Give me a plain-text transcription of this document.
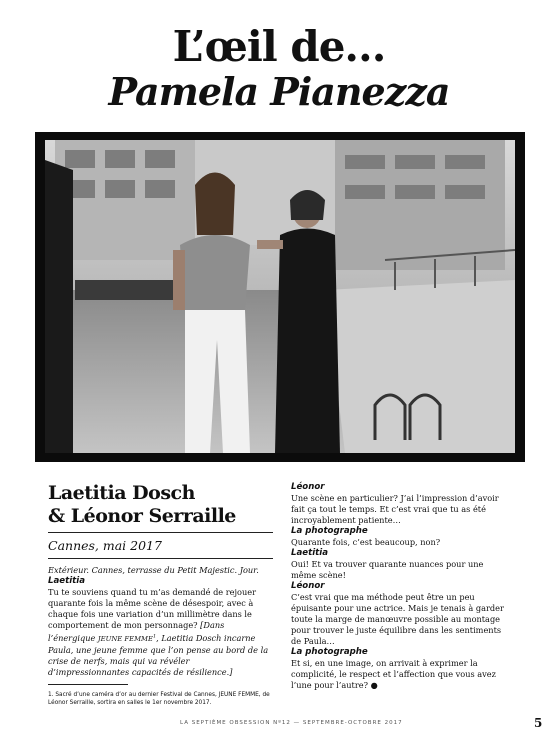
L’œil de…
Pamela Pianezza
Laetitia Dosch
& Léonor Serraille
Cannes, mai 2017
Extérieur. Cannes, terrasse du Petit Majestic. Jour.
Laetitia
Tu te souviens quand tu m’as demandé de rejouer quarante fois la même scène de désespoir, avec à chaque fois une variation d’un millimètre dans le comportement de mon personnage? [Dans l’énergique JEUNE FEMME$^1$, Laetitia Dosch incarne Paula, une jeune femme que l’on pense au bord de la crise de nerfs, mais qui va révéler d’impressionnantes capacités de résilience.]
1. Sacré d’une caméra d’or au dernier Festival de Cannes, JEUNE FEMME, de Léonor Serraille, sortira en salles le 1er novembre 2017.
Léonor
Une scène en particulier? J’ai l’impression d’avoir fait ça tout le temps. Et c’est vrai que tu as été incroyablement patiente…
La photographe
Quarante fois, c’est beaucoup, non?
Laetitia
Oui! Et va trouver quarante nuances pour une même scène!
Léonor
C’est vrai que ma méthode peut être un peu épuisante pour une actrice. Mais je tenais à garder toute la marge de manœuvre possible au montage pour trouver le juste équilibre dans les sentiments de Paula…
La photographe
Et si, en une image, on arrivait à exprimer la complicité, le respect et l’affection que vous avez l’une pour l’autre? ●
LA SEPTIÈME OBSESSION Nº12 — SEPTEMBRE-OCTOBRE 2017	5
